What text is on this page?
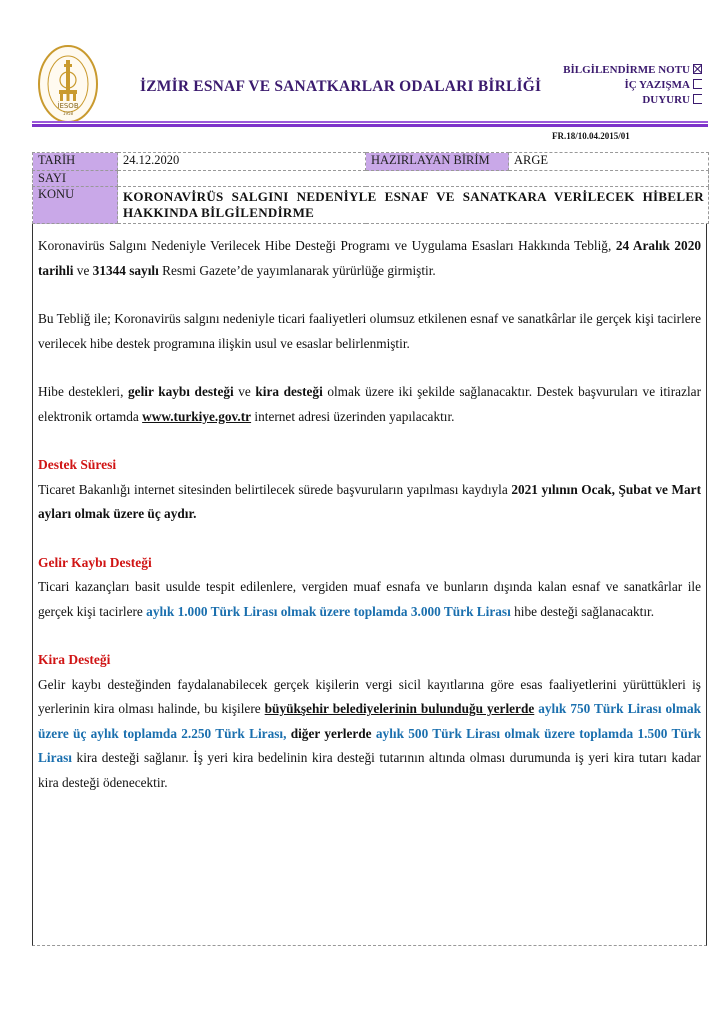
İESOB
1958
İZMİR ESNAF VE SANATKARLAR ODALARI BİRLİĞİ
BİLGİLENDİRME NOTU
İÇ YAZIŞMA
DUYURU
FR.18/10.04.2015/01
TARİH	24.12.2020	HAZIRLAYAN BİRİM	ARGE
SAYI			
KONU	KORONAVİRÜS SALGINI NEDENİYLE ESNAF VE SANATKARA VERİLECEK HİBELER HAKKINDA BİLGİLENDİRME		

Koronavirüs Salgını Nedeniyle Verilecek Hibe Desteği Programı ve Uygulama Esasları Hakkında Tebliğ, 24 Aralık 2020 tarihli ve 31344 sayılı Resmi Gazete’de yayımlanarak yürürlüğe girmiştir.

Bu Tebliğ ile; Koronavirüs salgını nedeniyle ticari faaliyetleri olumsuz etkilenen esnaf ve sanatkârlar ile gerçek kişi tacirlere verilecek hibe destek programına ilişkin usul ve esaslar belirlenmiştir.

Hibe destekleri, gelir kaybı desteği ve kira desteği olmak üzere iki şekilde sağlanacaktır. Destek başvuruları ve itirazlar elektronik ortamda www.turkiye.gov.tr internet adresi üzerinden yapılacaktır.

Destek Süresi

Ticaret Bakanlığı internet sitesinden belirtilecek sürede başvuruların yapılması kaydıyla 2021 yılının Ocak, Şubat ve Mart ayları olmak üzere üç aydır.

Gelir Kaybı Desteği

Ticari kazançları basit usulde tespit edilenlere, vergiden muaf esnafa ve bunların dışında kalan esnaf ve sanatkârlar ile gerçek kişi tacirlere aylık 1.000 Türk Lirası olmak üzere toplamda 3.000 Türk Lirası hibe desteği sağlanacaktır.

Kira Desteği

Gelir kaybı desteğinden faydalanabilecek gerçek kişilerin vergi sicil kayıtlarına göre esas faaliyetlerini yürüttükleri iş yerlerinin kira olması halinde, bu kişilere büyükşehir belediyelerinin bulunduğu yerlerde aylık 750 Türk Lirası olmak üzere üç aylık toplamda 2.250 Türk Lirası, diğer yerlerde aylık 500 Türk Lirası olmak üzere toplamda 1.500 Türk Lirası kira desteği sağlanır. İş yeri kira bedelinin kira desteği tutarının altında olması durumunda iş yeri kira tutarı kadar kira desteği ödenecektir.
